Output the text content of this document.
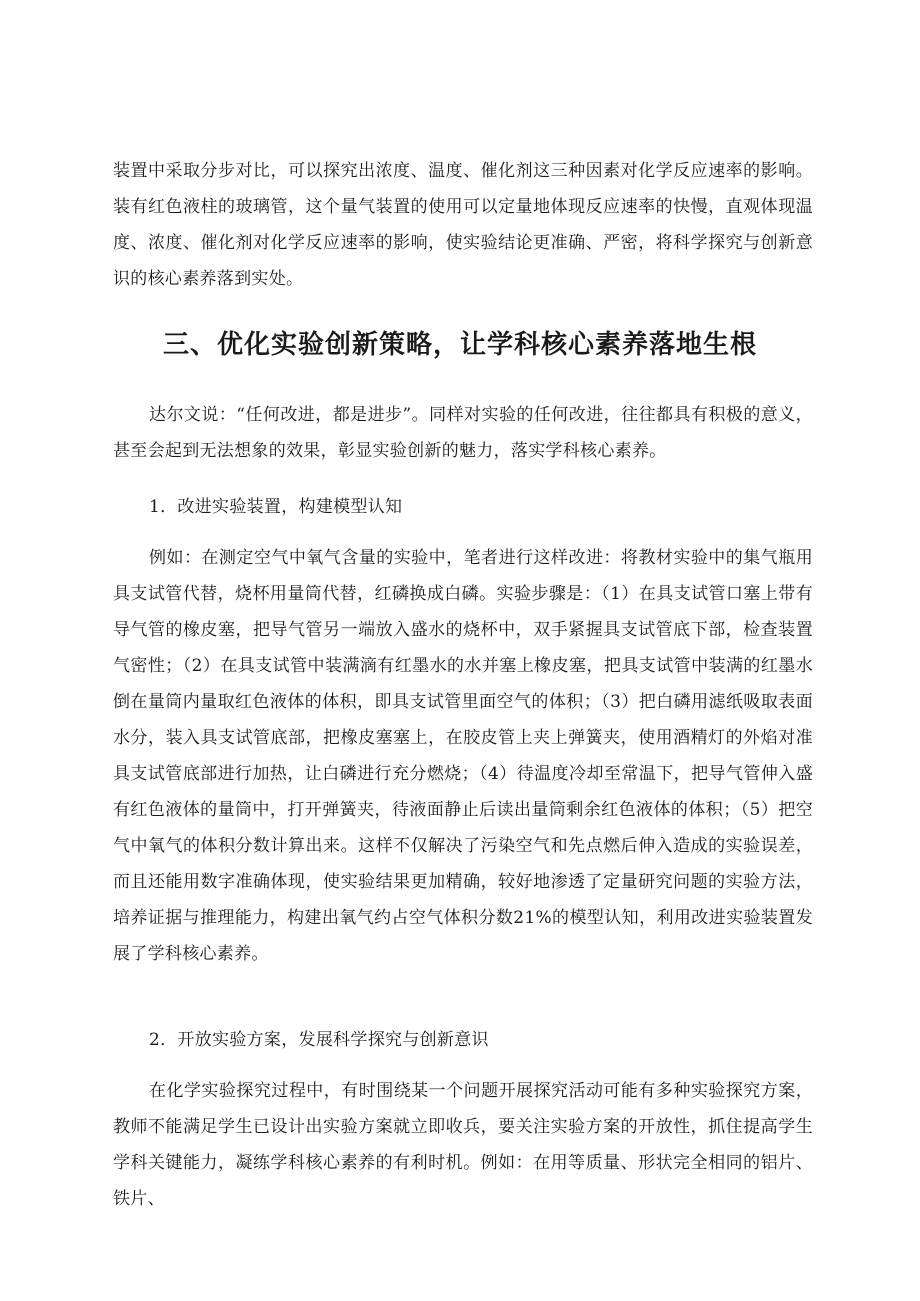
装置中采取分步对比，可以探究出浓度、温度、催化剂这三种因素对化学反应速率的影响。装有红色液柱的玻璃管，这个量气装置的使用可以定量地体现反应速率的快慢，直观体现温度、浓度、催化剂对化学反应速率的影响，使实验结论更准确、严密，将科学探究与创新意识的核心素养落到实处。

三、优化实验创新策略，让学科核心素养落地生根

达尔文说：“任何改进，都是进步”。同样对实验的任何改进，往往都具有积极的意义，甚至会起到无法想象的效果，彰显实验创新的魅力，落实学科核心素养。

1．改进实验装置，构建模型认知

例如：在测定空气中氧气含量的实验中，笔者进行这样改进：将教材实验中的集气瓶用具支试管代替，烧杯用量筒代替，红磷换成白磷。实验步骤是：（1）在具支试管口塞上带有导气管的橡皮塞，把导气管另一端放入盛水的烧杯中，双手紧握具支试管底下部，检查装置气密性；（2）在具支试管中装满滴有红墨水的水并塞上橡皮塞，把具支试管中装满的红墨水倒在量筒内量取红色液体的体积，即具支试管里面空气的体积；（3）把白磷用滤纸吸取表面水分，装入具支试管底部，把橡皮塞塞上，在胶皮管上夹上弹簧夹，使用酒精灯的外焰对准具支试管底部进行加热，让白磷进行充分燃烧；（4）待温度冷却至常温下，把导气管伸入盛有红色液体的量筒中，打开弹簧夹，待液面静止后读出量筒剩余红色液体的体积；（5）把空气中氧气的体积分数计算出来。这样不仅解决了污染空气和先点燃后伸入造成的实验误差，而且还能用数字准确体现，使实验结果更加精确，较好地渗透了定量研究问题的实验方法，培养证据与推理能力，构建出氧气约占空气体积分数21%的模型认知，利用改进实验装置发展了学科核心素养。

2．开放实验方案，发展科学探究与创新意识

在化学实验探究过程中，有时围绕某一个问题开展探究活动可能有多种实验探究方案，教师不能满足学生已设计出实验方案就立即收兵，要关注实验方案的开放性，抓住提高学生学科关键能力，凝练学科核心素养的有利时机。例如：在用等质量、形状完全相同的铝片、铁片、
